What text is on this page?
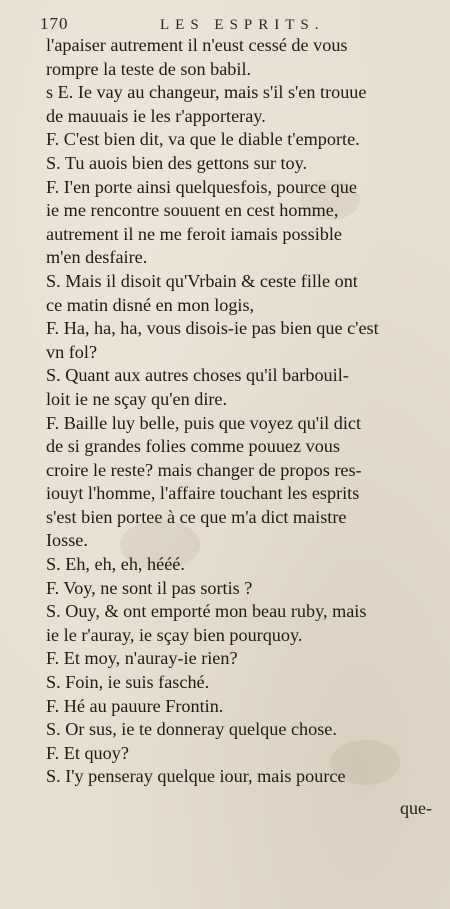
170	LES ESPRITS.
l'apaiser autrement il n'eust cessé de vous
rompre la teste de son babil.
s E. Ie vay au changeur, mais s'il s'en trouue
de mauuais ie les r'apporteray.
F. C'est bien dit, va que le diable t'emporte.
S. Tu auois bien des gettons sur toy.
F. I'en porte ainsi quelquesfois, pource que
ie me rencontre souuent en cest homme,
autrement il ne me feroit iamais possible
m'en desfaire.
S. Mais il disoit qu'Vrbain & ceste fille ont
ce matin disné en mon logis,
F. Ha, ha, ha, vous disois-ie pas bien que c'est
vn fol?
S. Quant aux autres choses qu'il barbouil-
loit ie ne sçay qu'en dire.
F. Baille luy belle, puis que voyez qu'il dict
de si grandes folies comme pouuez vous
croire le reste? mais changer de propos res-
iouyt l'homme, l'affaire touchant les esprits
s'est bien portee à ce que m'a dict maistre
Iosse.
S. Eh, eh, eh, hééé.
F. Voy, ne sont il pas sortis ?
S. Ouy, & ont emporté mon beau ruby, mais
ie le r'auray, ie sçay bien pourquoy.
F. Et moy, n'auray-ie rien?
S. Foin, ie suis fasché.
F. Hé au pauure Frontin.
S. Or sus, ie te donneray quelque chose.
F. Et quoy?
S. I'y penseray quelque iour, mais pource
que-
